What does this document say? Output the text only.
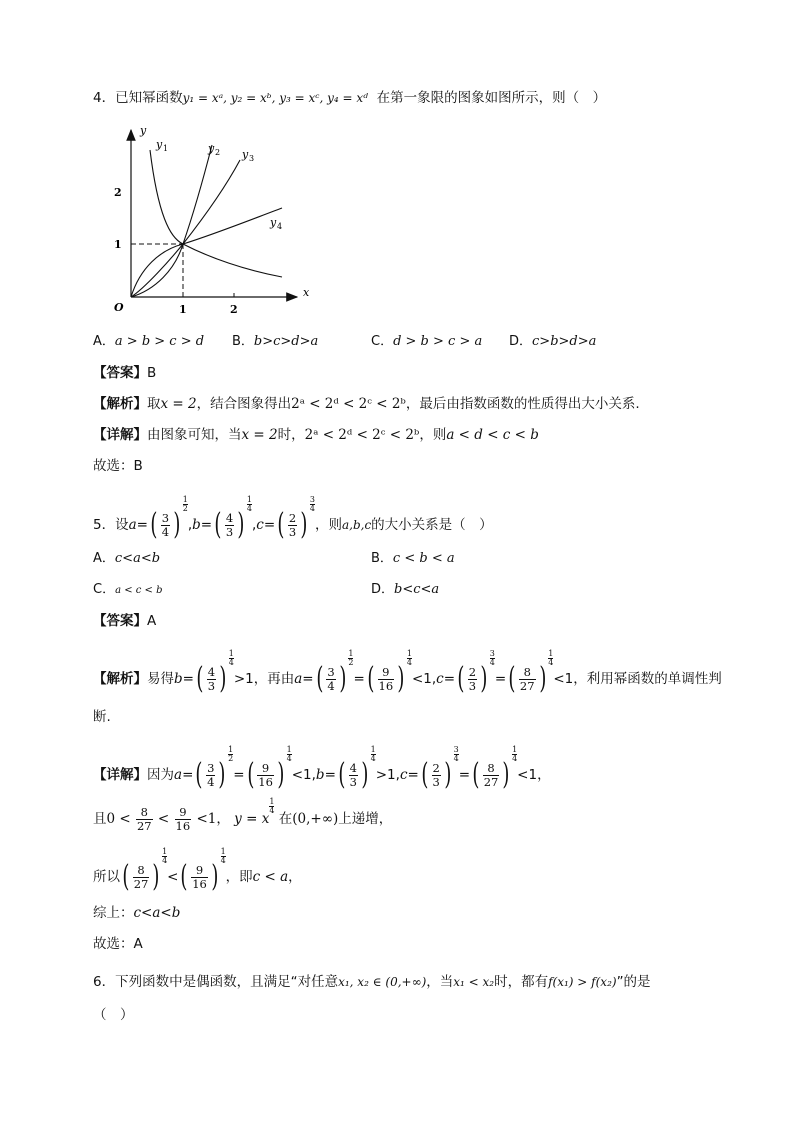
4．已知幂函数y₁ = xᵃ, y₂ = xᵇ, y₃ = xᶜ, y₄ = xᵈ 在第一象限的图象如图所示，则（　）
y
x
O	1	2
1
2
y 1	y 2 y 3
y 4
A．a > b > c > d B．b>c>d>a	C．d > b > c > a D．c>b>d>a
【答案】B
【解析】取x = 2，结合图象得出2ᵃ < 2ᵈ < 2ᶜ < 2ᵇ，最后由指数函数的性质得出大小关系.
【详解】由图象可知，当x = 2时，2ᵃ < 2ᵈ < 2ᶜ < 2ᵇ，则a < d < c < b
故选：B
5．设$a=( \frac{3}{4}$ )
$\frac{1}{2}$
$,b=( \frac{4}{3}$ )
$\frac{1}{4}$
$,c=( \frac{2}{3}$ )
$\frac{3}{4}$
，则a,b,c的大小关系是（　）
A．c<a<b	B．c < b < a
C．a < c < b	D．b<c<a
【答案】A
【解析】易得$b=( \frac{4}{3}$ )
$\frac{1}{4}$
>1，再由$a=( \frac{3}{4}$ )
$\frac{1}{2}$
=( $\frac{9}{16}$ )
$\frac{1}{4}$
$<1,c=( \frac{2}{3}$ )
$\frac{3}{4}$
=( $\frac{8}{27}$ )
$\frac{1}{4}$
<1，利用幂函数的单调性判
断.
【详解】因为$a=( \frac{3}{4}$ )
$\frac{1}{2}$
=( $\frac{9}{16}$ )
$\frac{1}{4}$
$<1,b=( \frac{4}{3}$ )
$\frac{1}{4}$
$>1,c=( \frac{2}{3}$ )
$\frac{3}{4}$
=( $\frac{8}{27}$ )
$\frac{1}{4}$
<1，
且$0 < \frac{8}{27} < \frac{9}{16} <1$， y = x
$\frac{1}{4}$
在(0,+∞)上递增，
所以( $\frac{8}{27}$ )
$\frac{1}{4}$
<( $\frac{9}{16}$ )
$\frac{1}{4}$
，即c < a，
综上：c<a<b
故选：A
6．下列函数中是偶函数，且满足“对任意x₁, x₂ ∈ (0,+∞)，当x₁ < x₂时，都有f(x₁) > f(x₂)”的是
（　）
